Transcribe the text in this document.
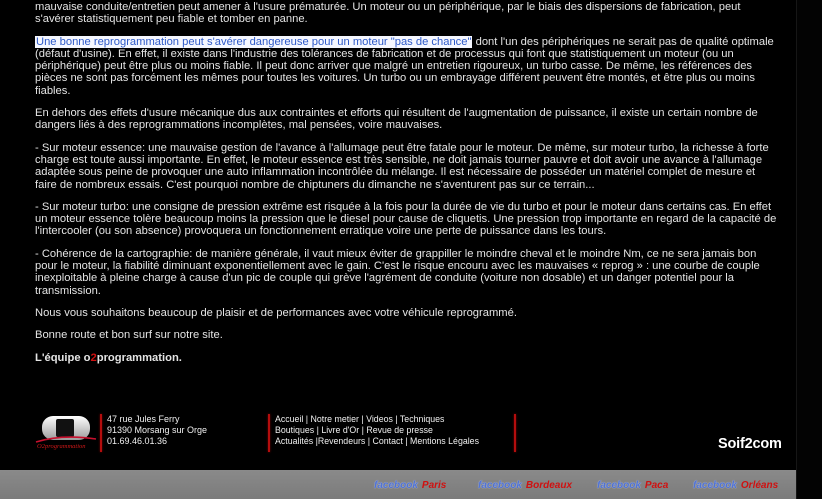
mauvaise conduite/entretien peut amener à l'usure prématurée. Un moteur ou un périphérique, par le biais des dispersions de fabrication, peut
s'avérer statistiquement peu fiable et tomber en panne.
Une bonne reprogrammation peut s'avérer dangereuse pour un moteur "pas de chance" dont l'un des périphériques ne serait pas de qualité optimale
(défaut d'usine). En effet, il existe dans l'industrie des tolérances de fabrication et de processus qui font que statistiquement un moteur (ou un
périphérique) peut être plus ou moins fiable. Il peut donc arriver que malgré un entretien rigoureux, un turbo casse. De même, les références des
pièces ne sont pas forcément les mêmes pour toutes les voitures. Un turbo ou un embrayage différent peuvent être montés, et être plus ou moins
fiables.
En dehors des effets d'usure mécanique dus aux contraintes et efforts qui résultent de l'augmentation de puissance, il existe un certain nombre de
dangers liés à des reprogrammations incomplètes, mal pensées, voire mauvaises.
- Sur moteur essence: une mauvaise gestion de l'avance à l'allumage peut être fatale pour le moteur. De même, sur moteur turbo, la richesse à forte
charge est toute aussi importante. En effet, le moteur essence est très sensible, ne doit jamais tourner pauvre et doit avoir une avance à l'allumage
adaptée sous peine de provoquer une auto inflammation incontrôlée du mélange. Il est nécessaire de posséder un matériel complet de mesure et
faire de nombreux essais. C'est pourquoi nombre de chiptuners du dimanche ne s'aventurent pas sur ce terrain...
- Sur moteur turbo: une consigne de pression extrême est risquée à la fois pour la durée de vie du turbo et pour le moteur dans certains cas. En effet
un moteur essence tolère beaucoup moins la pression que le diesel pour cause de cliquetis. Une pression trop importante en regard de la capacité de
l'intercooler (ou son absence) provoquera un fonctionnement erratique voire une perte de puissance dans les tours.
- Cohérence de la cartographie: de manière générale, il vaut mieux éviter de grappiller le moindre cheval et le moindre Nm, ce ne sera jamais bon
pour le moteur, la fiabilité diminuant exponentiellement avec le gain. C'est le risque encouru avec les mauvaises « reprog » : une courbe de couple
inexploitable à pleine charge à cause d'un pic de couple qui grève l'agrément de conduite (voiture non dosable) et un danger potentiel pour la
transmission.
Nous vous souhaitons beaucoup de plaisir et de performances avec votre véhicule reprogrammé.
Bonne route et bon surf sur notre site.
L'équipe o2programmation.
O2programmation
47 rue Jules Ferry
91390 Morsang sur Orge
01.69.46.01.36
Accueil | Notre metier | Videos | Techniques
Boutiques | Livre d'Or | Revue de presse
Actualités |Revendeurs | Contact | Mentions Légales	Soif2com
facebook Paris	facebook Bordeaux facebook Paca facebook Orléans
